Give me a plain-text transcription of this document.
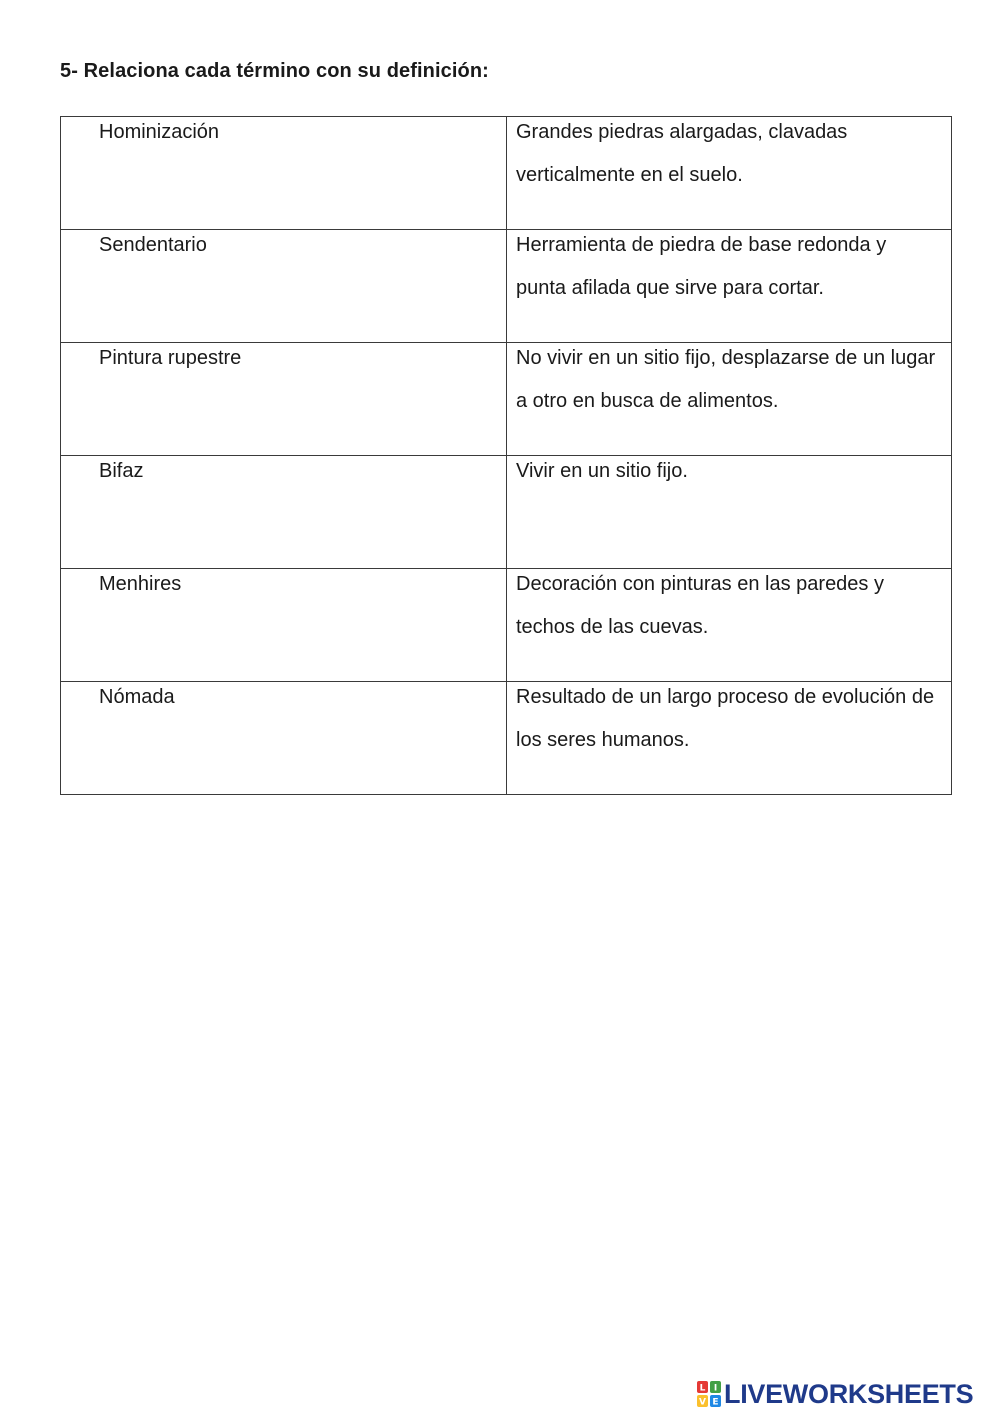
5- Relaciona cada término con su definición:
Hominización	Grandes piedras alargadas, clavadas verticalmente en el suelo.

Sendentario	Herramienta de piedra de base redonda y punta afilada que sirve para cortar.

Pintura rupestre	No vivir en un sitio fijo, desplazarse de un lugar a otro en busca de alimentos.

Bifaz	Vivir en un sitio fijo.

Menhires	Decoración con pinturas en las paredes y techos de las cuevas.

Nómada	Resultado de un largo proceso de evolución de los seres humanos.
L I
V E LIVEWORKSHEETS
